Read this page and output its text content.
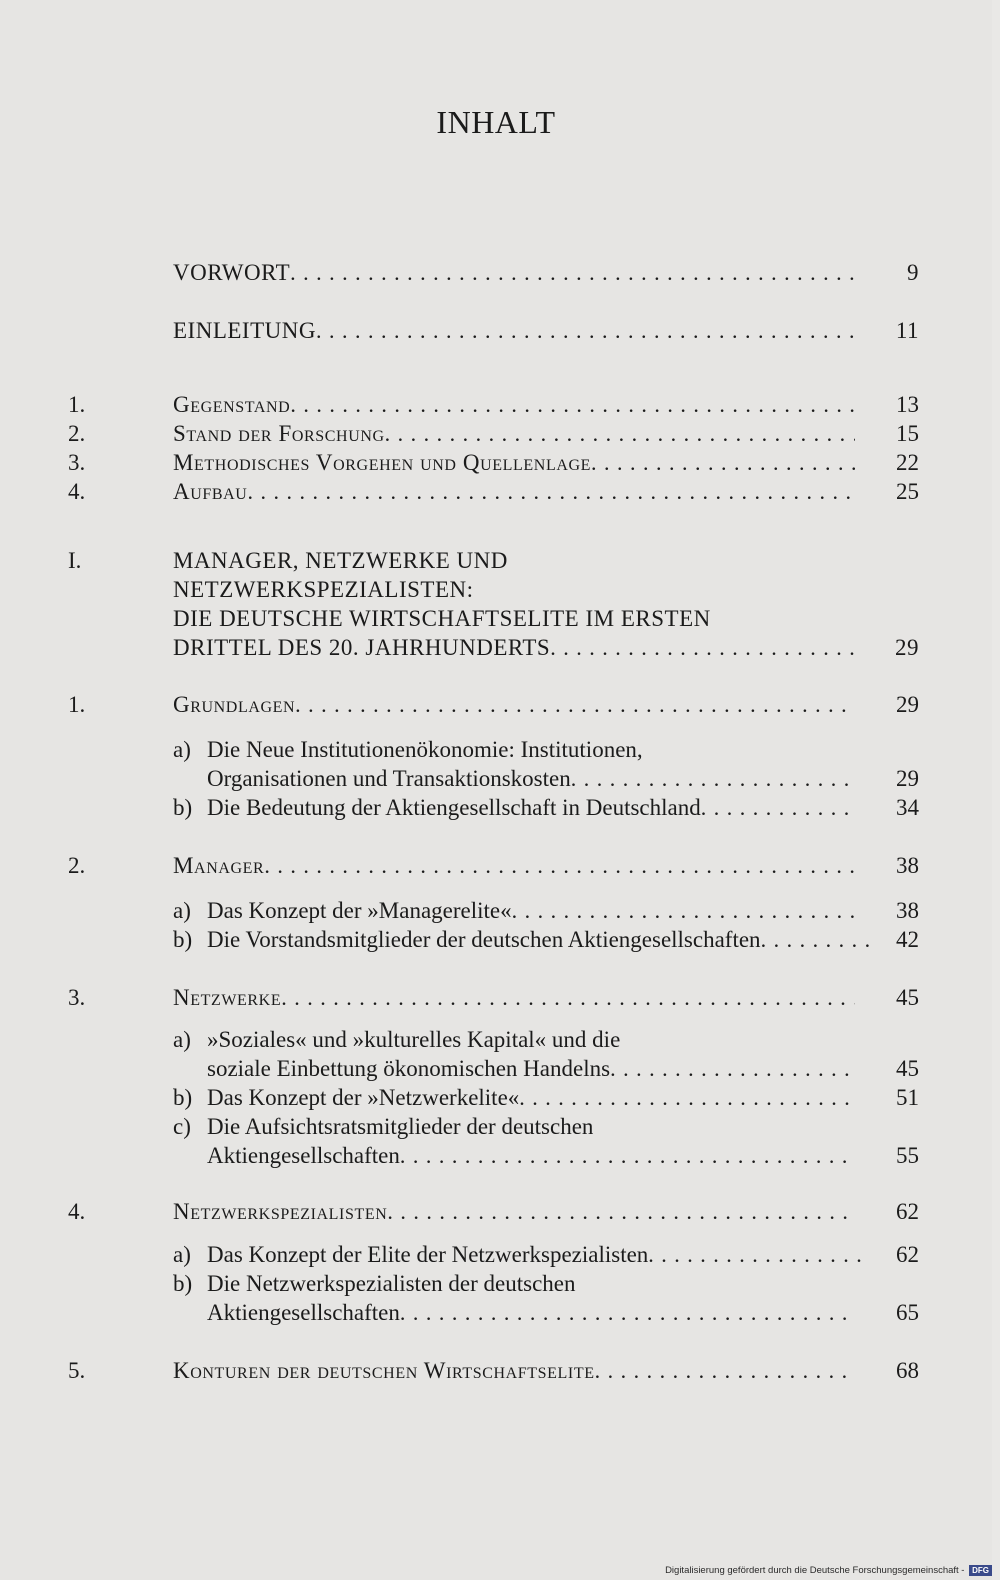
INHALT
VORWORT . . .	9
EINLEITUNG . . .	11
1.	Gegenstand . . .	13
2.	Stand der Forschung . . .	15
3.	Methodisches Vorgehen und Quellenlage . . .	22
4.	Aufbau . . .	25
I.	MANAGER, NETZWERKE UND
NETZWERKSPEZIALISTEN:
DIE DEUTSCHE WIRTSCHAFTSELITE IM ERSTEN
DRITTEL DES 20. JAHRHUNDERTS . . .	29
1.	Grundlagen . . .	29
a) Die Neue Institutionenökonomie: Institutionen,
Organisationen und Transaktionskosten . . .	29
b) Die Bedeutung der Aktiengesellschaft in Deutschland . . .	34
2.	Manager . . .	38
a) Das Konzept der »Managerelite« . . .	38
b) Die Vorstandsmitglieder der deutschen Aktiengesellschaften . . .	42
3.	Netzwerke . . .	45
a) »Soziales« und »kulturelles Kapital« und die
soziale Einbettung ökonomischen Handelns . . .	45
b) Das Konzept der »Netzwerkelite« . . .	51
c) Die Aufsichtsratsmitglieder der deutschen
Aktiengesellschaften . . .	55
4.	Netzwerkspezialisten . . .	62
a) Das Konzept der Elite der Netzwerkspezialisten . . .	62
b) Die Netzwerkspezialisten der deutschen
Aktiengesellschaften . . .	65
5.	Konturen der deutschen Wirtschaftselite . . .	68
Digitalisierung gefördert durch die Deutsche Forschungsgemeinschaft - DFG
